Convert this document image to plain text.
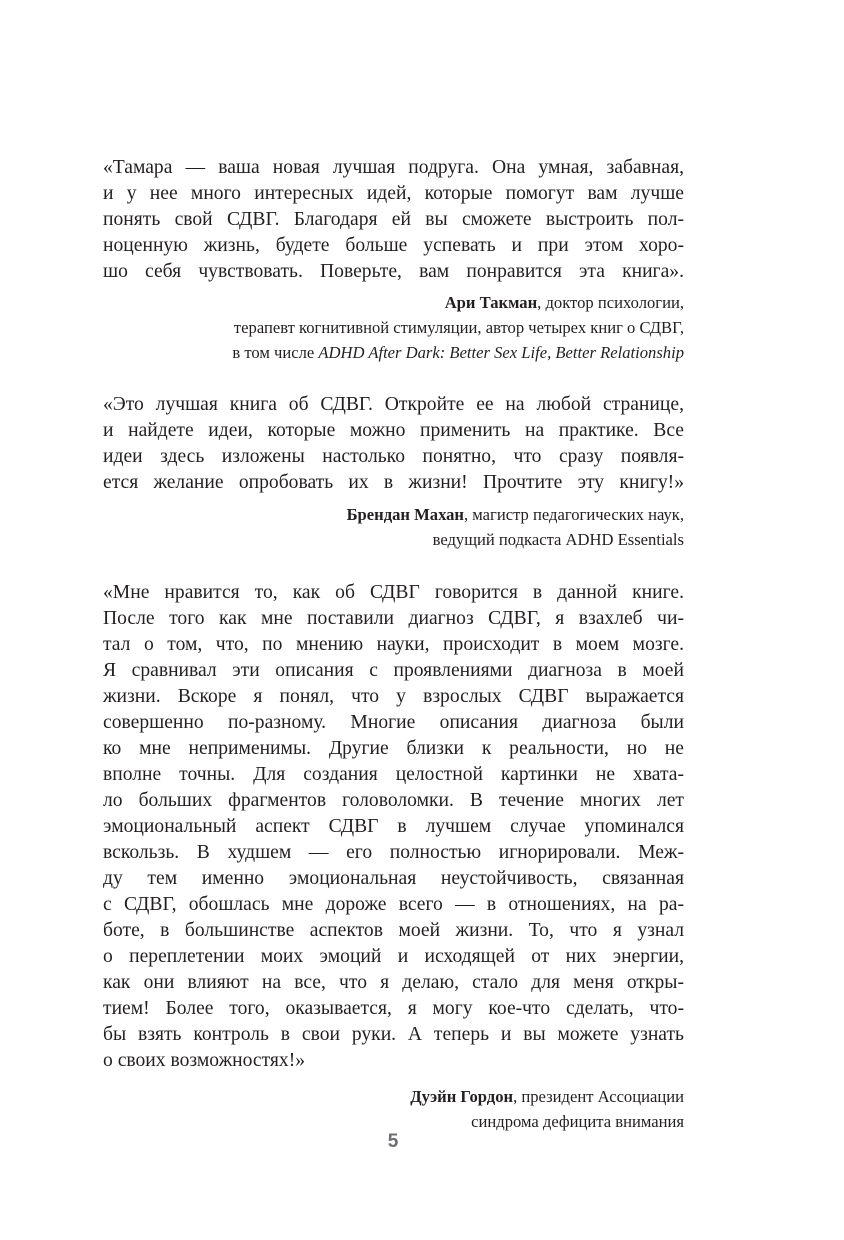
«Тамара — ваша новая лучшая подруга. Она умная, забавная,
и у нее много интересных идей, которые помогут вам лучше
понять свой СДВГ. Благодаря ей вы сможете выстроить пол-
ноценную жизнь, будете больше успевать и при этом хоро-
шо себя чувствовать. Поверьте, вам понравится эта книга».

Ари Такман, доктор психологии,
терапевт когнитивной стимуляции, автор четырех книг о СДВГ,
в том числе ADHD After Dark: Better Sex Life, Better Relationship

«Это лучшая книга об СДВГ. Откройте ее на любой странице,
и найдете идеи, которые можно применить на практике. Все
идеи здесь изложены настолько понятно, что сразу появля-
ется желание опробовать их в жизни! Прочтите эту книгу!»

Брендан Махан, магистр педагогических наук,
ведущий подкаста ADHD Essentials

«Мне нравится то, как об СДВГ говорится в данной книге.
После того как мне поставили диагноз СДВГ, я взахлеб чи-
тал о том, что, по мнению науки, происходит в моем мозге.
Я сравнивал эти описания с проявлениями диагноза в моей
жизни. Вскоре я понял, что у взрослых СДВГ выражается
совершенно по-разному. Многие описания диагноза были
ко мне неприменимы. Другие близки к реальности, но не
вполне точны. Для создания целостной картинки не хвата-
ло больших фрагментов головоломки. В течение многих лет
эмоциональный аспект СДВГ в лучшем случае упоминался
вскользь. В худшем — его полностью игнорировали. Меж-
ду тем именно эмоциональная неустойчивость, связанная
с СДВГ, обошлась мне дороже всего — в отношениях, на ра-
боте, в большинстве аспектов моей жизни. То, что я узнал
о переплетении моих эмоций и исходящей от них энергии,
как они влияют на все, что я делаю, стало для меня откры-
тием! Более того, оказывается, я могу кое-что сделать, что-
бы взять контроль в свои руки. А теперь и вы можете узнать
о своих возможностях!»

Дуэйн Гордон, президент Ассоциации
синдрома дефицита внимания
5
